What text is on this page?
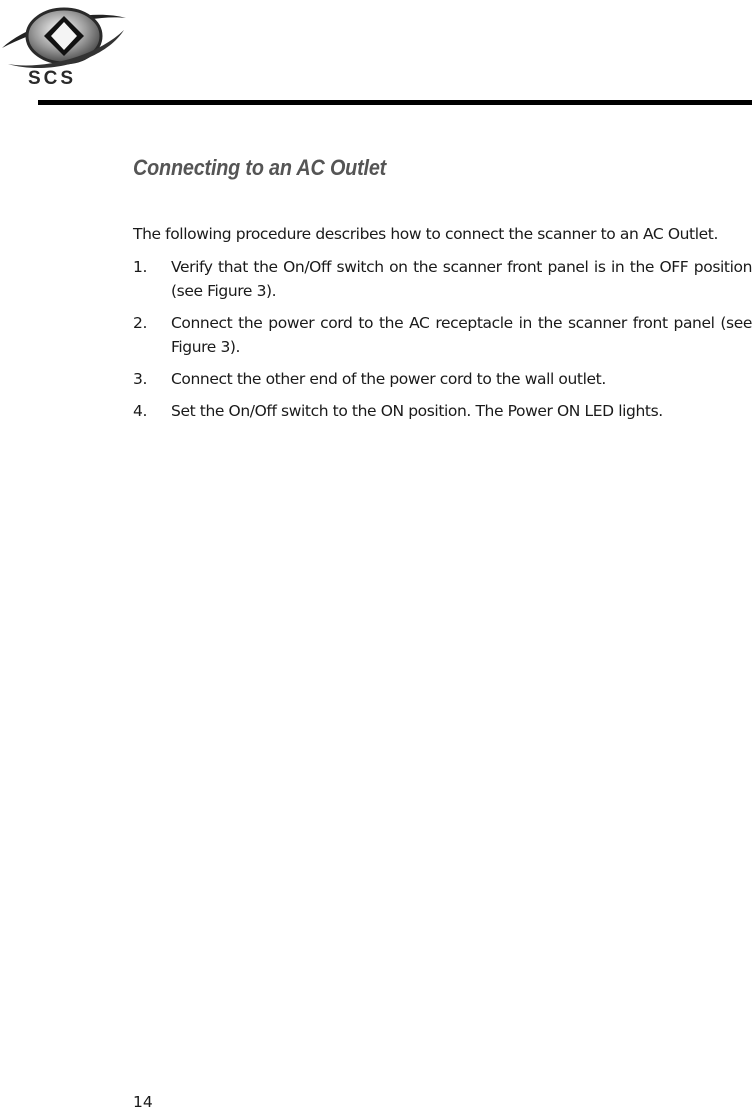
SCS
Connecting to an AC Outlet

The following procedure describes how to connect the scanner to an AC Outlet.

1. Verify that the On/Off switch on the scanner front panel is in the OFF position (see Figure 3).
2. Connect the power cord to the AC receptacle in the scanner front panel (see Figure 3).
3. Connect the other end of the power cord to the wall outlet.
4. Set the On/Off switch to the ON position. The Power ON LED lights.
14
